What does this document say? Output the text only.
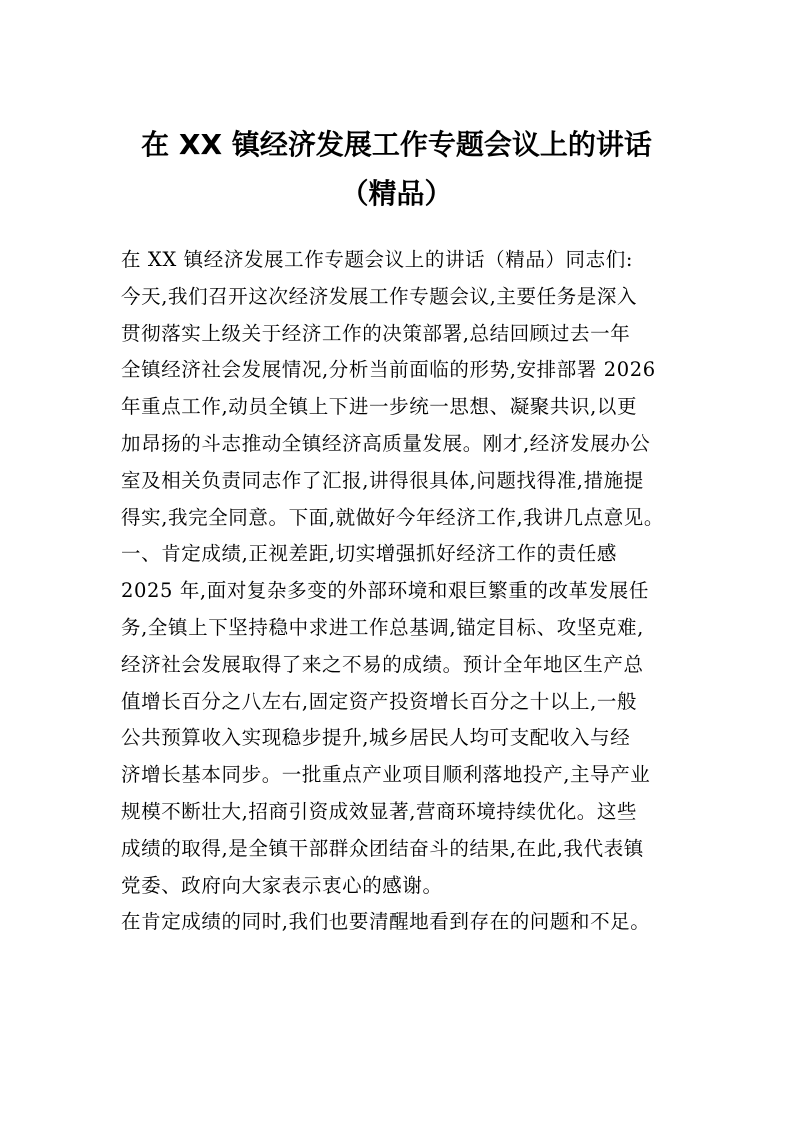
在 XX 镇经济发展工作专题会议上的讲话
（精品）
在 XX 镇经济发展工作专题会议上的讲话（精品）同志们:
今天,我们召开这次经济发展工作专题会议,主要任务是深入
贯彻落实上级关于经济工作的决策部署,总结回顾过去一年
全镇经济社会发展情况,分析当前面临的形势,安排部署 2026
年重点工作,动员全镇上下进一步统一思想、凝聚共识,以更
加昂扬的斗志推动全镇经济高质量发展。刚才,经济发展办公
室及相关负责同志作了汇报,讲得很具体,问题找得准,措施提
得实,我完全同意。下面,就做好今年经济工作,我讲几点意见。
一、肯定成绩,正视差距,切实增强抓好经济工作的责任感
2025 年,面对复杂多变的外部环境和艰巨繁重的改革发展任
务,全镇上下坚持稳中求进工作总基调,锚定目标、攻坚克难,
经济社会发展取得了来之不易的成绩。预计全年地区生产总
值增长百分之八左右,固定资产投资增长百分之十以上,一般
公共预算收入实现稳步提升,城乡居民人均可支配收入与经
济增长基本同步。一批重点产业项目顺利落地投产,主导产业
规模不断壮大,招商引资成效显著,营商环境持续优化。这些
成绩的取得,是全镇干部群众团结奋斗的结果,在此,我代表镇
党委、政府向大家表示衷心的感谢。
在肯定成绩的同时,我们也要清醒地看到存在的问题和不足。
